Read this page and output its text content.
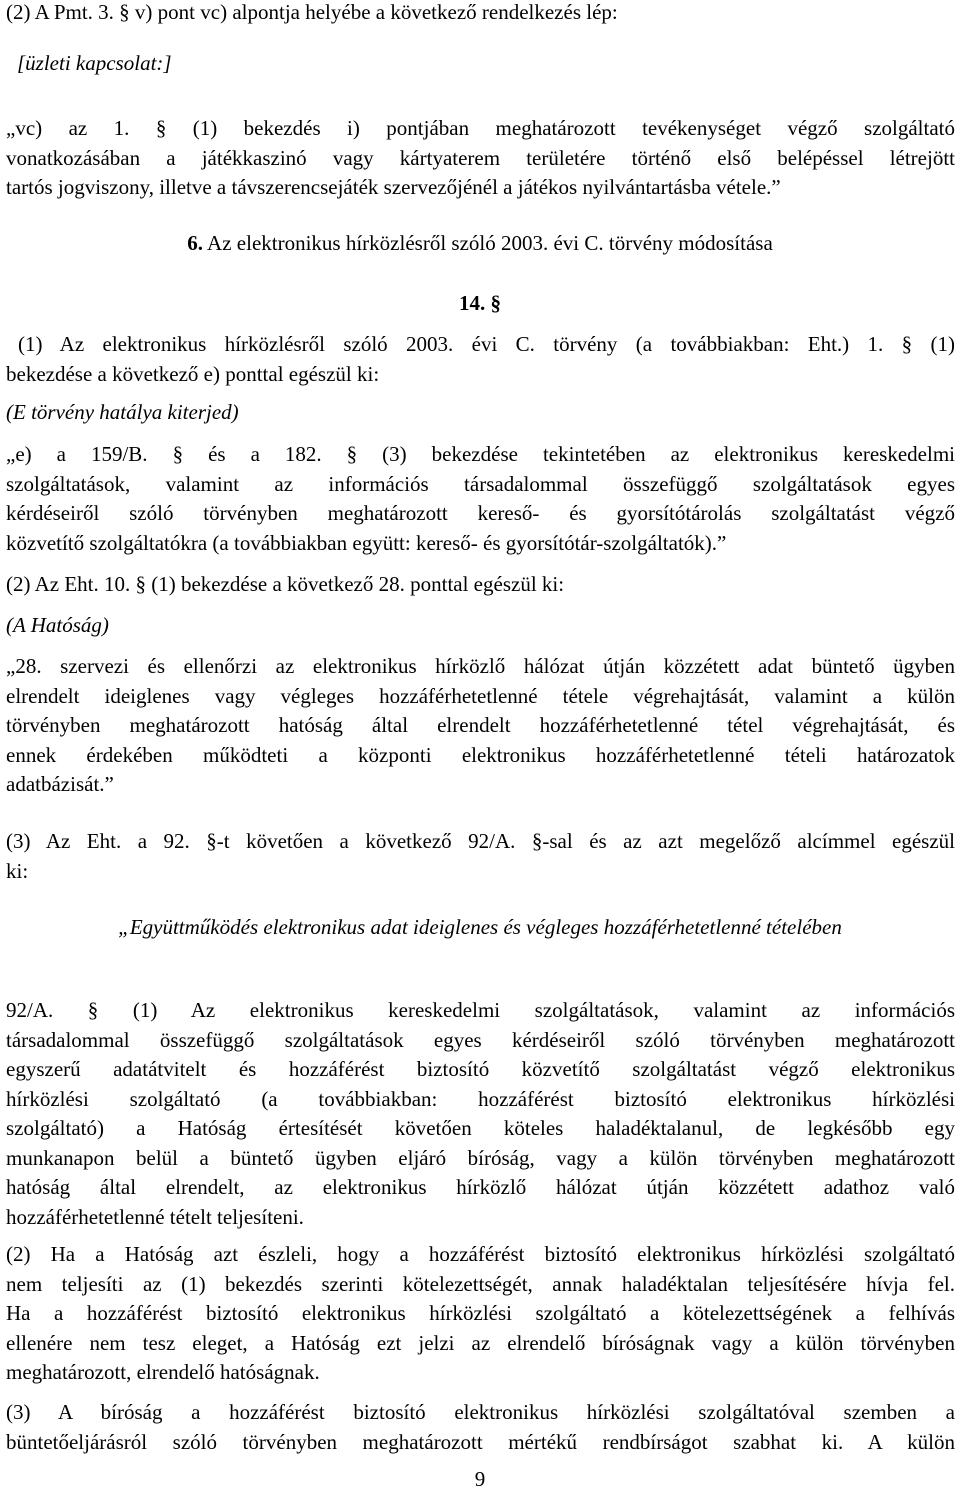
(2) A Pmt. 3. § v) pont vc) alpontja helyébe a következő rendelkezés lép:
[üzleti kapcsolat:]
„vc) az 1. § (1) bekezdés i) pontjában meghatározott tevékenységet végző szolgáltató
vonatkozásában a játékkaszinó vagy kártyaterem területére történő első belépéssel létrejött
tartós jogviszony, illetve a távszerencsejáték szervezőjénél a játékos nyilvántartásba vétele.”
6. Az elektronikus hírközlésről szóló 2003. évi C. törvény módosítása
14. §
(1) Az elektronikus hírközlésről szóló 2003. évi C. törvény (a továbbiakban: Eht.) 1. § (1)
bekezdése a következő e) ponttal egészül ki:
(E törvény hatálya kiterjed)
„e) a 159/B. § és a 182. § (3) bekezdése tekintetében az elektronikus kereskedelmi
szolgáltatások, valamint az információs társadalommal összefüggő szolgáltatások egyes
kérdéseiről szóló törvényben meghatározott kereső- és gyorsítótárolás szolgáltatást végző
közvetítő szolgáltatókra (a továbbiakban együtt: kereső- és gyorsítótár-szolgáltatók).”
(2) Az Eht. 10. § (1) bekezdése a következő 28. ponttal egészül ki:
(A Hatóság)
„28. szervezi és ellenőrzi az elektronikus hírközlő hálózat útján közzétett adat büntető ügyben
elrendelt ideiglenes vagy végleges hozzáférhetetlenné tétele végrehajtását, valamint a külön
törvényben meghatározott hatóság által elrendelt hozzáférhetetlenné tétel végrehajtását, és
ennek érdekében működteti a központi elektronikus hozzáférhetetlenné tételi határozatok
adatbázisát.”
(3) Az Eht. a 92. §-t követően a következő 92/A. §-sal és az azt megelőző alcímmel egészül
ki:
„Együttműködés elektronikus adat ideiglenes és végleges hozzáférhetetlenné tételében
92/A. § (1) Az elektronikus kereskedelmi szolgáltatások, valamint az információs
társadalommal összefüggő szolgáltatások egyes kérdéseiről szóló törvényben meghatározott
egyszerű adatátvitelt és hozzáférést biztosító közvetítő szolgáltatást végző elektronikus
hírközlési szolgáltató (a továbbiakban: hozzáférést biztosító elektronikus hírközlési
szolgáltató) a Hatóság értesítését követően köteles haladéktalanul, de legkésőbb egy
munkanapon belül a büntető ügyben eljáró bíróság, vagy a külön törvényben meghatározott
hatóság által elrendelt, az elektronikus hírközlő hálózat útján közzétett adathoz való
hozzáférhetetlenné tételt teljesíteni.
(2) Ha a Hatóság azt észleli, hogy a hozzáférést biztosító elektronikus hírközlési szolgáltató
nem teljesíti az (1) bekezdés szerinti kötelezettségét, annak haladéktalan teljesítésére hívja fel.
Ha a hozzáférést biztosító elektronikus hírközlési szolgáltató a kötelezettségének a felhívás
ellenére nem tesz eleget, a Hatóság ezt jelzi az elrendelő bíróságnak vagy a külön törvényben
meghatározott, elrendelő hatóságnak.
(3) A bíróság a hozzáférést biztosító elektronikus hírközlési szolgáltatóval szemben a
büntetőeljárásról szóló törvényben meghatározott mértékű rendbírságot szabhat ki. A külön
9
